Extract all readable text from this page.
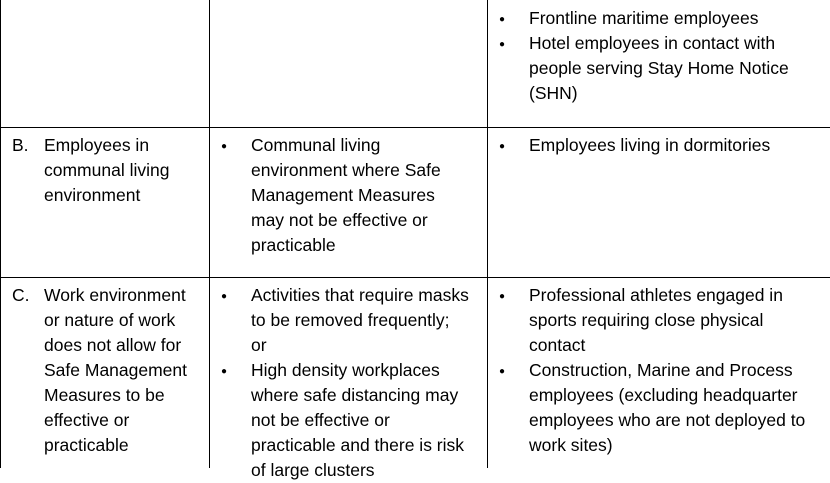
●
Frontline maritime employees
●
Hotel employees in contact with people serving Stay Home Notice (SHN)
B. Employees in communal living environment
●
Communal living environment where Safe Management Measures may not be effective or practicable
●
Employees living in dormitories
C. Work environment or nature of work does not allow for Safe Management Measures to be effective or practicable
●
Activities that require masks to be removed frequently; or
●
High density workplaces where safe distancing may not be effective or practicable and there is risk of large clusters
●
Professional athletes engaged in sports requiring close physical contact
●
Construction, Marine and Process employees (excluding headquarter employees who are not deployed to work sites)
